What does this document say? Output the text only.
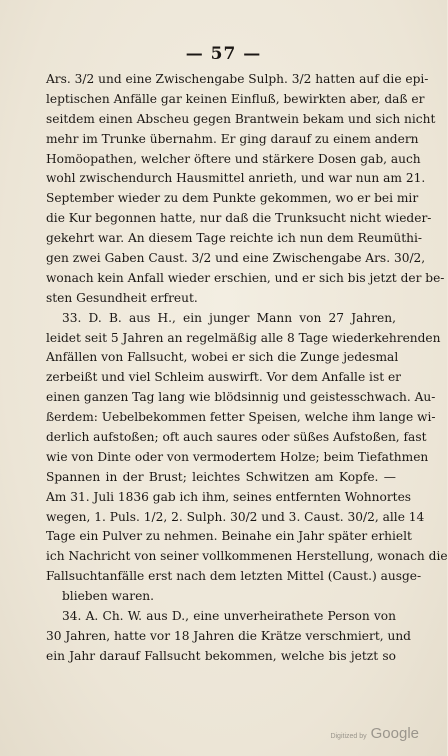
— 57 —
Ars. 3/2 und eine Zwischengabe Sulph. 3/2 hatten auf die epi-
leptischen Anfälle gar keinen Einfluß, bewirkten aber, daß er
seitdem einen Abscheu gegen Brantwein bekam und sich nicht
mehr im Trunke übernahm. Er ging darauf zu einem andern
Homöopathen, welcher öftere und stärkere Dosen gab, auch
wohl zwischendurch Hausmittel anrieth, und war nun am 21.
September wieder zu dem Punkte gekommen, wo er bei mir
die Kur begonnen hatte, nur daß die Trunksucht nicht wieder-
gekehrt war. An diesem Tage reichte ich nun dem Reumüthi-
gen zwei Gaben Caust. 3/2 und eine Zwischengabe Ars. 30/2,
wonach kein Anfall wieder erschien, und er sich bis jetzt der be-
sten Gesundheit erfreut.
33. D. B. aus H., ein junger Mann von 27 Jahren,
leidet seit 5 Jahren an regelmäßig alle 8 Tage wiederkehrenden
Anfällen von Fallsucht, wobei er sich die Zunge jedesmal
zerbeißt und viel Schleim auswirft. Vor dem Anfalle ist er
einen ganzen Tag lang wie blödsinnig und geistesschwach. Au-
ßerdem: Uebelbekommen fetter Speisen, welche ihm lange wi-
derlich aufstoßen; oft auch saures oder süßes Aufstoßen, fast
wie von Dinte oder von vermodertem Holze; beim Tiefathmen
Spannen in der Brust; leichtes Schwitzen am Kopfe. —
Am 31. Juli 1836 gab ich ihm, seines entfernten Wohnortes
wegen, 1. Puls. 1/2, 2. Sulph. 30/2 und 3. Caust. 30/2, alle 14
Tage ein Pulver zu nehmen. Beinahe ein Jahr später erhielt
ich Nachricht von seiner vollkommenen Herstellung, wonach die
Fallsuchtanfälle erst nach dem letzten Mittel (Caust.) ausge-
blieben waren.
34. A. Ch. W. aus D., eine unverheirathete Person von
30 Jahren, hatte vor 18 Jahren die Krätze verschmiert, und
ein Jahr darauf Fallsucht bekommen, welche bis jetzt so
Digitized by Google
